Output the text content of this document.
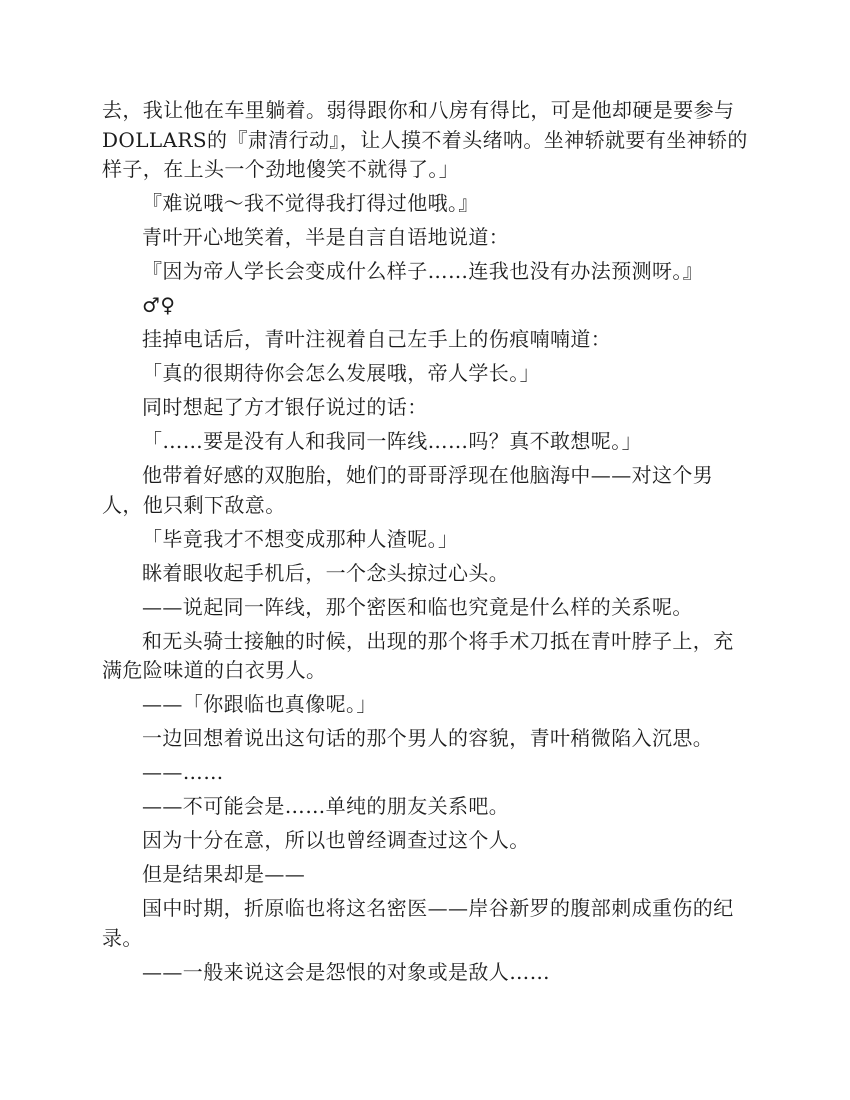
去，我让他在车里躺着。弱得跟你和八房有得比，可是他却硬是要参与DOLLARS的『肃清行动』，让人摸不着头绪呐。坐神轿就要有坐神轿的样子，在上头一个劲地傻笑不就得了。」

『难说哦～我不觉得我打得过他哦。』

青叶开心地笑着，半是自言自语地说道：

『因为帝人学长会变成什么样子……连我也没有办法预测呀。』

♂♀

挂掉电话后，青叶注视着自己左手上的伤痕喃喃道：

「真的很期待你会怎么发展哦，帝人学长。」

同时想起了方才银仔说过的话：

「……要是没有人和我同一阵线……吗？真不敢想呢。」

他带着好感的双胞胎，她们的哥哥浮现在他脑海中——对这个男人，他只剩下敌意。

「毕竟我才不想变成那种人渣呢。」

眯着眼收起手机后，一个念头掠过心头。

——说起同一阵线，那个密医和临也究竟是什么样的关系呢。

和无头骑士接触的时候，出现的那个将手术刀抵在青叶脖子上，充满危险味道的白衣男人。

——「你跟临也真像呢。」

一边回想着说出这句话的那个男人的容貌，青叶稍微陷入沉思。

——……

——不可能会是……单纯的朋友关系吧。

因为十分在意，所以也曾经调查过这个人。

但是结果却是——

国中时期，折原临也将这名密医——岸谷新罗的腹部刺成重伤的纪录。

——一般来说这会是怨恨的对象或是敌人……
